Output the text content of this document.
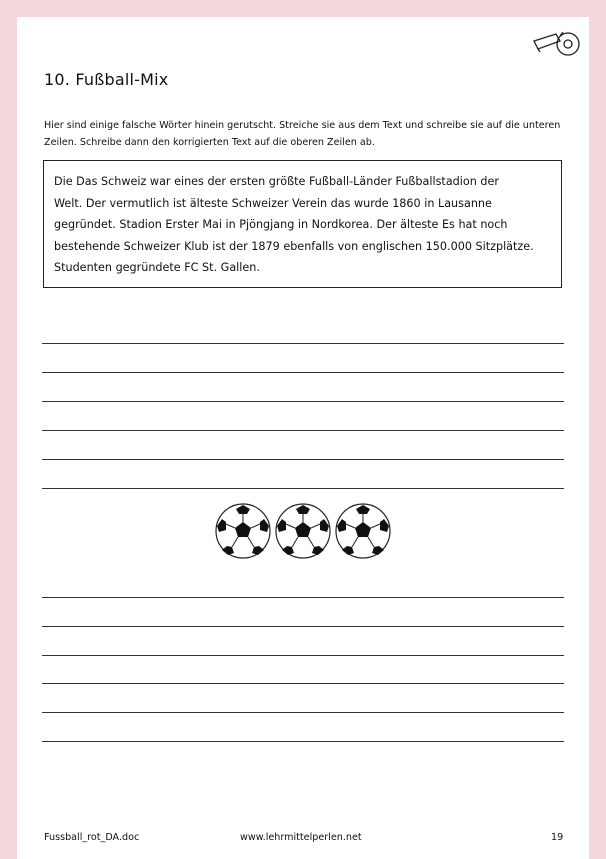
10. Fußball-Mix
Hier sind einige falsche Wörter hinein gerutscht. Streiche sie aus dem Text und schreibe sie auf die unteren Zeilen. Schreibe dann den korrigierten Text auf die oberen Zeilen ab.
Die Das Schweiz war eines der ersten größte Fußball-Länder Fußballstadion der
Welt. Der vermutlich ist älteste Schweizer Verein das wurde 1860 in Lausanne
gegründet. Stadion Erster Mai in Pjöngjang in Nordkorea. Der älteste Es hat noch
bestehende Schweizer Klub ist der 1879 ebenfalls von englischen 150.000 Sitzplätze.
Studenten gegründete FC St. Gallen.
Fussball_rot_DA.doc	www.lehrmittelperlen.net	19
